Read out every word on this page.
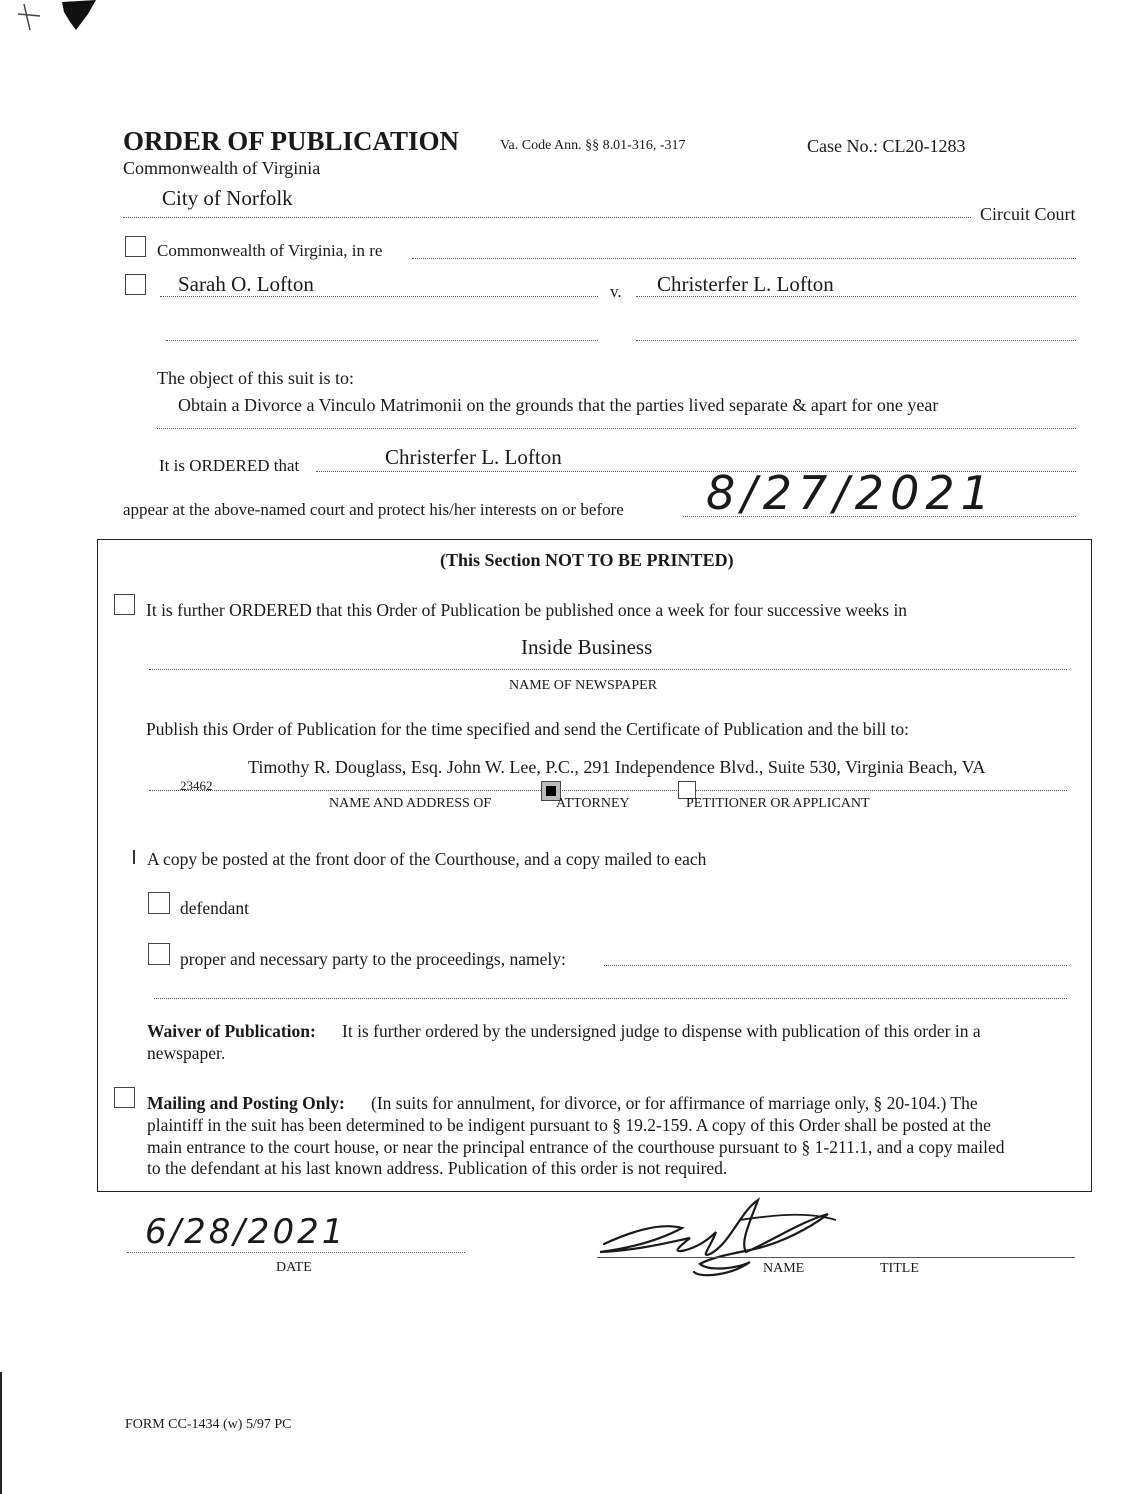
ORDER OF PUBLICATION	Va. Code Ann. §§ 8.01-316, -317	Case No.: CL20-1283
Commonwealth of Virginia
City of Norfolk
Circuit Court
Commonwealth of Virginia, in re
Sarah O. Lofton	v. Christerfer L. Lofton
The object of this suit is to:
Obtain a Divorce a Vinculo Matrimonii on the grounds that the parties lived separate & apart for one year
It is ORDERED that	Christerfer L. Lofton
appear at the above-named court and protect his/her interests on or before 8/27/2021
(This Section NOT TO BE PRINTED)
It is further ORDERED that this Order of Publication be published once a week for four successive weeks in
Inside Business
NAME OF NEWSPAPER
Publish this Order of Publication for the time specified and send the Certificate of Publication and the bill to:
Timothy R. Douglass, Esq. John W. Lee, P.C., 291 Independence Blvd., Suite 530, Virginia Beach, VA
23462
NAME AND ADDRESS OF	ATTORNEY	PETITIONER OR APPLICANT
A copy be posted at the front door of the Courthouse, and a copy mailed to each
defendant
proper and necessary party to the proceedings, namely:
Waiver of Publication: It is further ordered by the undersigned judge to dispense with publication of this order in a
newspaper.
Mailing and Posting Only: (In suits for annulment, for divorce, or for affirmance of marriage only, § 20-104.) The
plaintiff in the suit has been determined to be indigent pursuant to § 19.2-159. A copy of this Order shall be posted at the
main entrance to the court house, or near the principal entrance of the courthouse pursuant to § 1-211.1, and a copy mailed
to the defendant at his last known address. Publication of this order is not required.
6/28/2021
DATE	NAME	TITLE
FORM CC-1434 (w) 5/97 PC
